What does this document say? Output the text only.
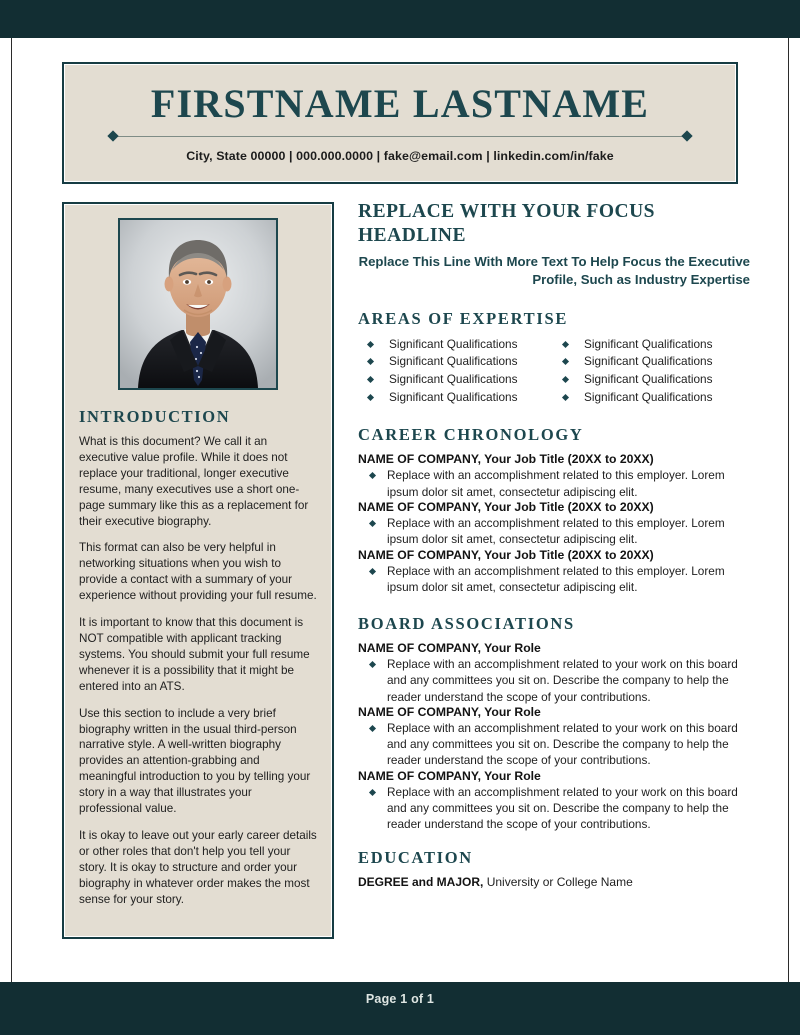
FIRSTNAME LASTNAME
City, State 00000 | 000.000.0000 | fake@email.com | linkedin.com/in/fake
INTRODUCTION

What is this document? We call it an executive value profile. While it does not replace your traditional, longer executive resume, many executives use a short one-page summary like this as a replacement for their executive biography.

This format can also be very helpful in networking situations when you wish to provide a contact with a summary of your experience without providing your full resume.

It is important to know that this document is NOT compatible with applicant tracking systems. You should submit your full resume whenever it is a possibility that it might be entered into an ATS.

Use this section to include a very brief biography written in the usual third-person narrative style. A well-written biography provides an attention-grabbing and meaningful introduction to you by telling your story in a way that illustrates your professional value.

It is okay to leave out your early career details or other roles that don't help you tell your story. It is okay to structure and order your biography in whatever order makes the most sense for your story.

REPLACE WITH YOUR FOCUS HEADLINE
Replace This Line With More Text To Help Focus the Executive Profile, Such as Industry Expertise
AREAS OF EXPERTISE
Significant Qualifications	Significant Qualifications
Significant Qualifications	Significant Qualifications
Significant Qualifications	Significant Qualifications
Significant Qualifications	Significant Qualifications
CAREER CHRONOLOGY
NAME OF COMPANY, Your Job Title (20XX to 20XX)
Replace with an accomplishment related to this employer. Lorem ipsum dolor sit amet, consectetur adipiscing elit.
NAME OF COMPANY, Your Job Title (20XX to 20XX)
Replace with an accomplishment related to this employer. Lorem ipsum dolor sit amet, consectetur adipiscing elit.
NAME OF COMPANY, Your Job Title (20XX to 20XX)
Replace with an accomplishment related to this employer. Lorem ipsum dolor sit amet, consectetur adipiscing elit.
BOARD ASSOCIATIONS
NAME OF COMPANY, Your Role
Replace with an accomplishment related to your work on this board and any committees you sit on. Describe the company to help the reader understand the scope of your contributions.
NAME OF COMPANY, Your Role
Replace with an accomplishment related to your work on this board and any committees you sit on. Describe the company to help the reader understand the scope of your contributions.
NAME OF COMPANY, Your Role
Replace with an accomplishment related to your work on this board and any committees you sit on. Describe the company to help the reader understand the scope of your contributions.
EDUCATION
DEGREE and MAJOR, University or College Name
Page 1 of 1
